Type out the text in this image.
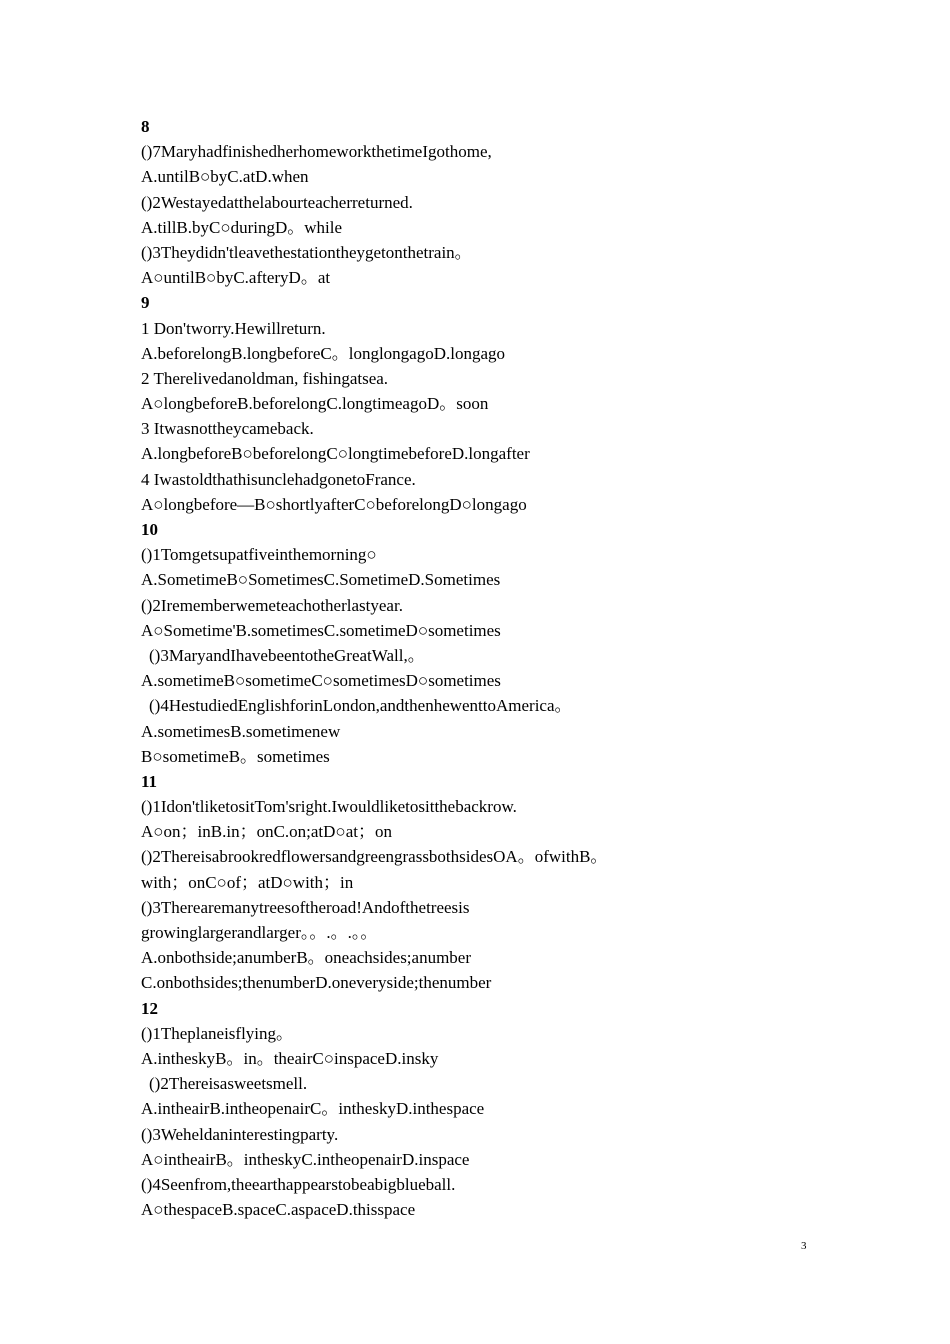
8
()7MaryhadfinishedherhomeworkthetimeIgothome,
A.untilB○byC.atD.when
()2Westayedatthelabourteacherreturned.
A.tillB.byC○duringD。while
()3Theydidn'tleavethestationtheygetonthetrain。
A○untilB○byC.afteryD。at
9
1 Don'tworry.Hewillreturn.
A.beforelongB.longbeforeC。longlongagoD.longago
2 Therelivedanoldman, fishingatsea.
A○longbeforeB.beforelongC.longtimeagoD。soon
3 Itwasnottheycameback.
A.longbeforeB○beforelongC○longtimebeforeD.longafter
4 IwastoldthathisunclehadgonetoFrance.
A○longbefore—B○shortlyafterC○beforelongD○longago
10
()1Tomgetsupatfiveinthemorning○
A.SometimeB○SometimesC.SometimeD.Sometimes
()2Irememberwemeteachotherlastyear.
A○Sometime'B.sometimesC.sometimeD○sometimes
()3MaryandIhavebeentotheGreatWall,。
A.sometimeB○sometimeC○sometimesD○sometimes
()4HestudiedEnglishforinLondon,andthenhewenttoAmerica。
A.sometimesB.sometimenew
B○sometimeB。sometimes
11
()1Idon'tliketositTom'sright.Iwouldliketositthebackrow.
A○on；inB.in；onC.on;atD○at；on
()2ThereisabrookredflowersandgreengrassbothsidesОA。ofwithB。
with；onC○of；atD○with；in
()3Therearemanytreesoftheroad!Andofthetreesis
growinglargerandlarger。。.。.。。
A.onbothside;anumberB。oneachsides;anumber
C.onbothsides;thenumberD.oneveryside;thenumber
12
()1Theplaneisflying。
A.intheskyB。in。theairC○inspaceD.insky
()2Thereisasweetsmell.
A.intheairB.intheopenairC。intheskyD.inthespace
()3Weheldaninterestingparty.
A○intheairB。intheskyC.intheopenairD.inspace
()4Seenfrom,theearthappearstobeabigblueball.
A○thespaceB.spaceC.aspaceD.thisspace
3
